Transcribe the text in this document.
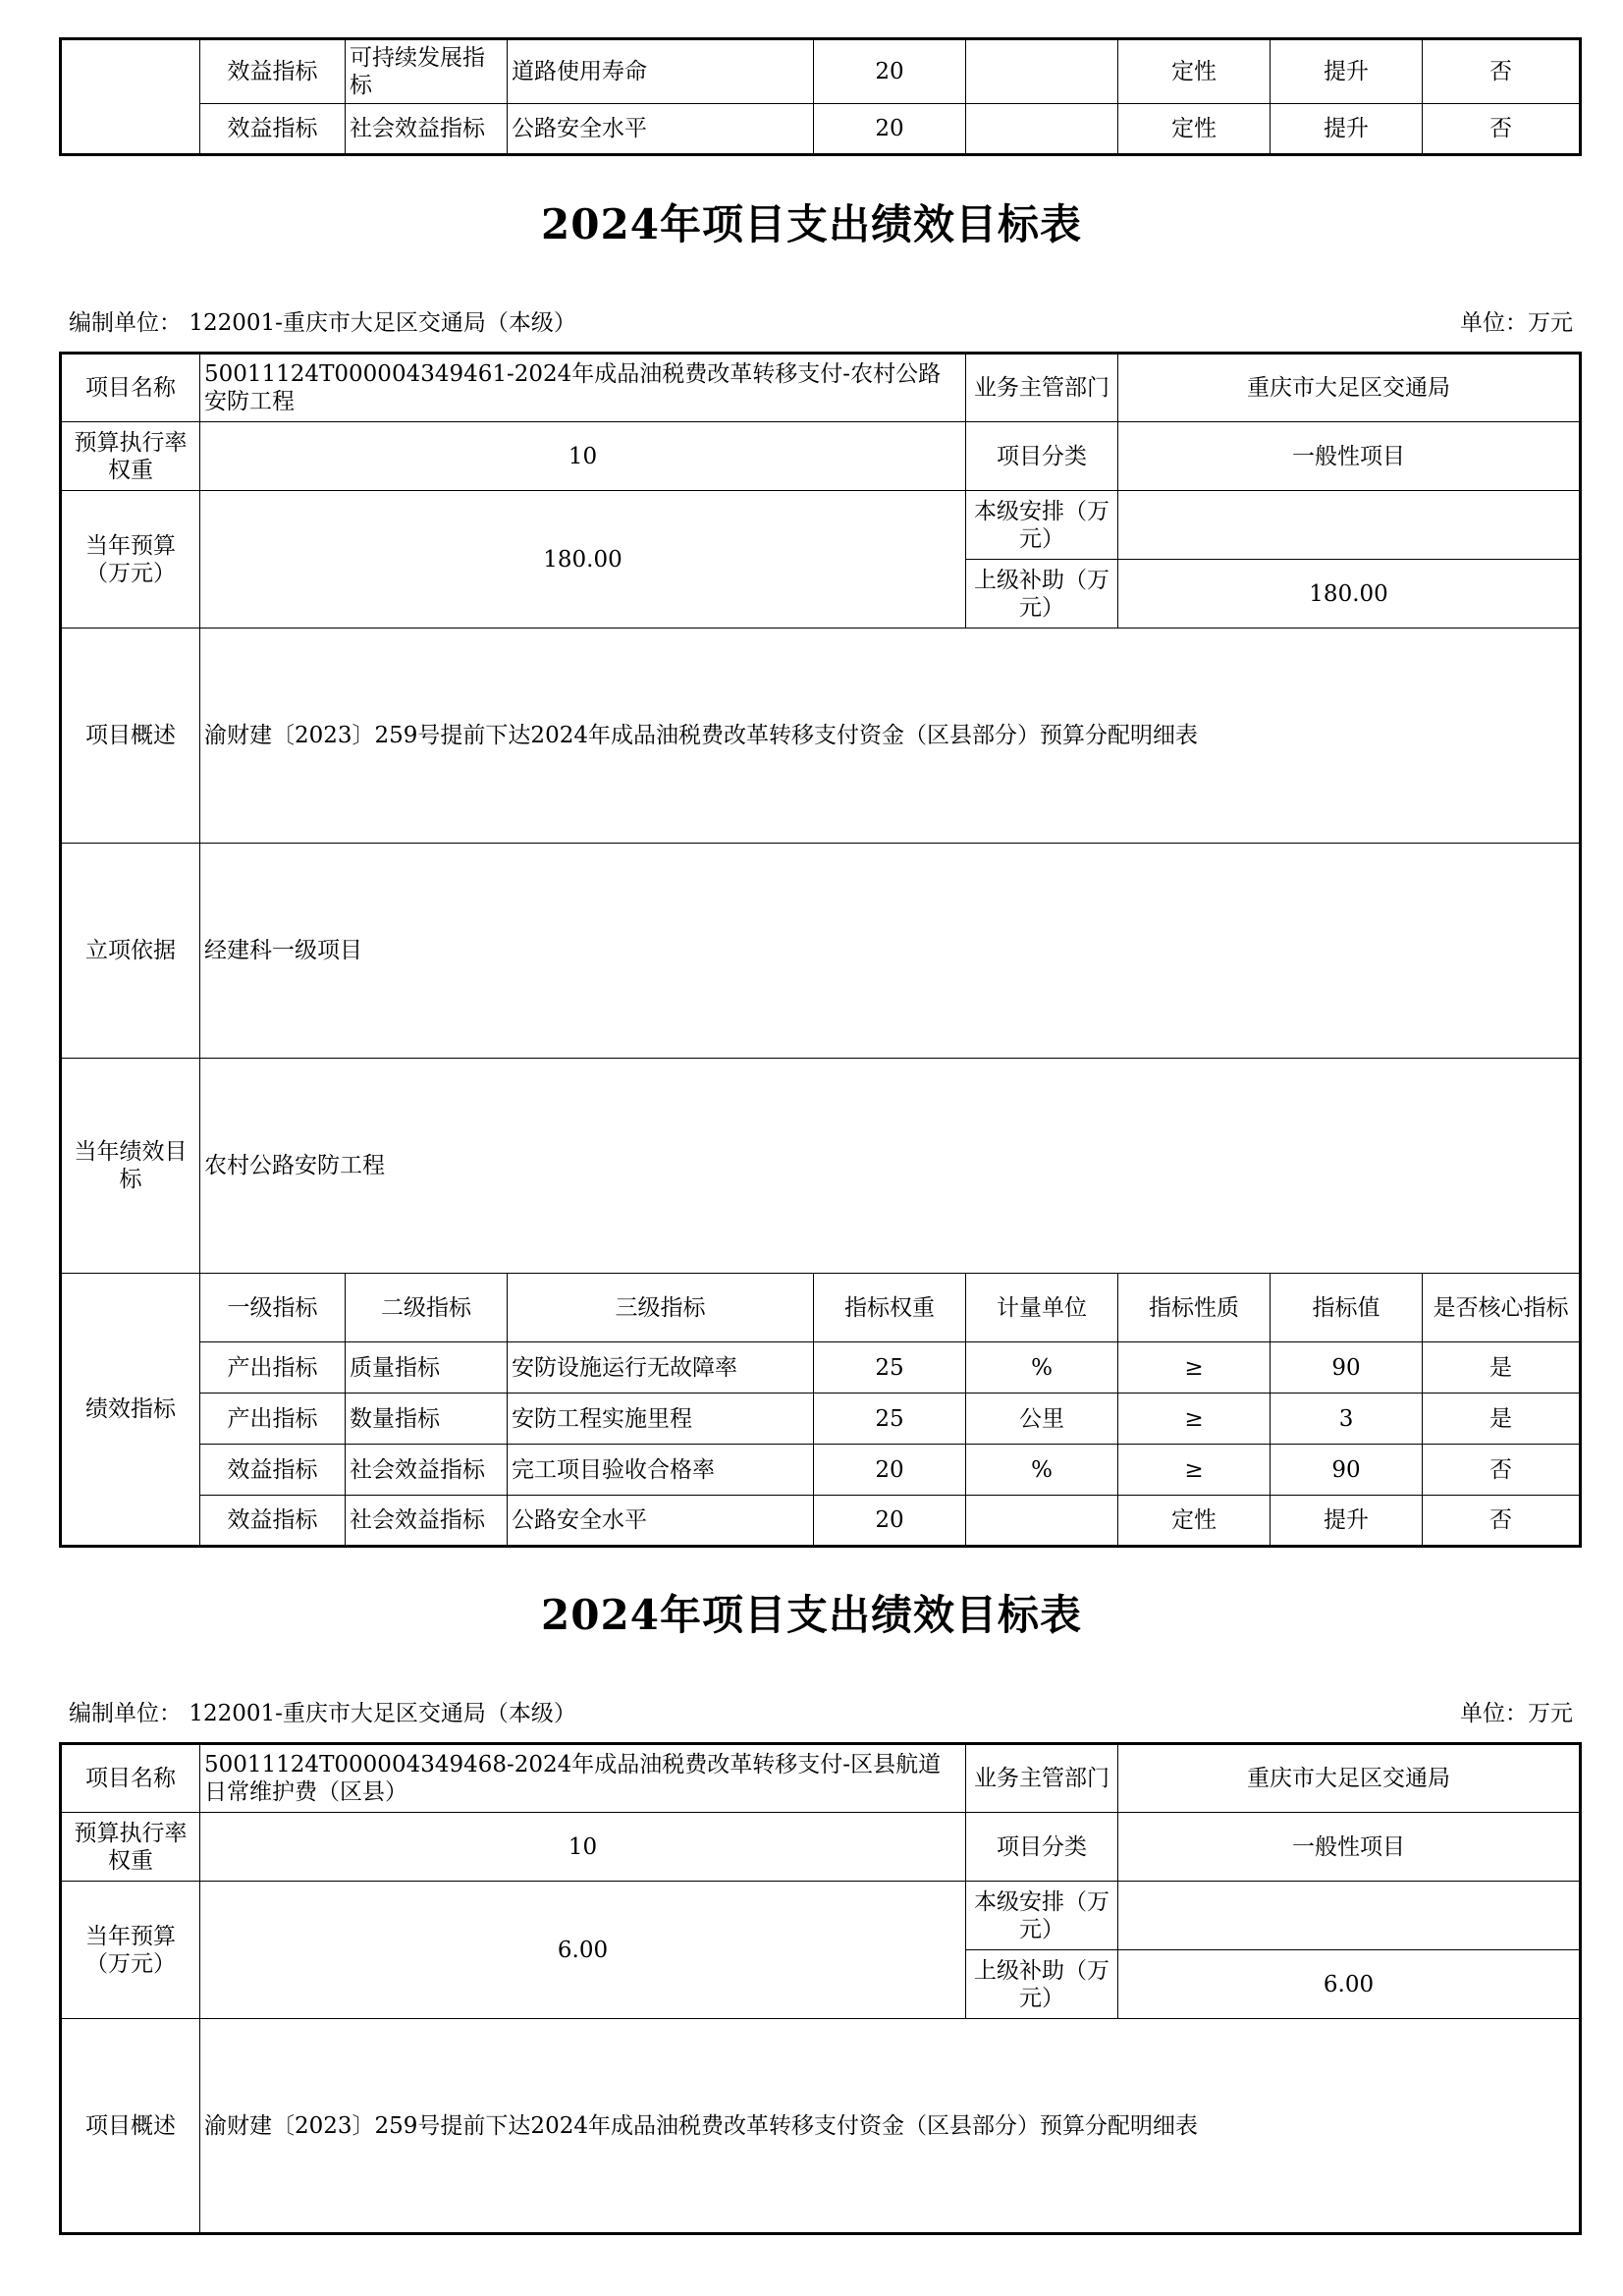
	效益指标	可持续发展指标	道路使用寿命	20		定性	提升	否
	效益指标	社会效益指标	公路安全水平	20		定性	提升	否
2024年项目支出绩效目标表
编制单位： 122001-重庆市大足区交通局（本级）	单位：万元
项目名称	50011124T000004349461-2024年成品油税费改革转移支付-农村公路安防工程				业务主管部门	重庆市大足区交通局		
预算执行率权重	10				项目分类	一般性项目		
当年预算（万元）	180.00				本级安排（万元）			
					上级补助（万元）	180.00		
项目概述	渝财建〔2023〕259号提前下达2024年成品油税费改革转移支付资金（区县部分）预算分配明细表							
立项依据	经建科一级项目							
当年绩效目标	农村公路安防工程							
绩效指标	一级指标	二级指标	三级指标	指标权重	计量单位	指标性质	指标值	是否核心指标
	产出指标	质量指标	安防设施运行无故障率	25	%	≥	90	是
	产出指标	数量指标	安防工程实施里程	25	公里	≥	3	是
	效益指标	社会效益指标	完工项目验收合格率	20	%	≥	90	否
	效益指标	社会效益指标	公路安全水平	20		定性	提升	否
2024年项目支出绩效目标表
编制单位： 122001-重庆市大足区交通局（本级）	单位：万元
项目名称	50011124T000004349468-2024年成品油税费改革转移支付-区县航道日常维护费（区县）	业务主管部门	重庆市大足区交通局
预算执行率权重	10	项目分类	一般性项目
当年预算（万元）	6.00	本级安排（万元）	
		上级补助（万元）	6.00
项目概述	渝财建〔2023〕259号提前下达2024年成品油税费改革转移支付资金（区县部分）预算分配明细表		
